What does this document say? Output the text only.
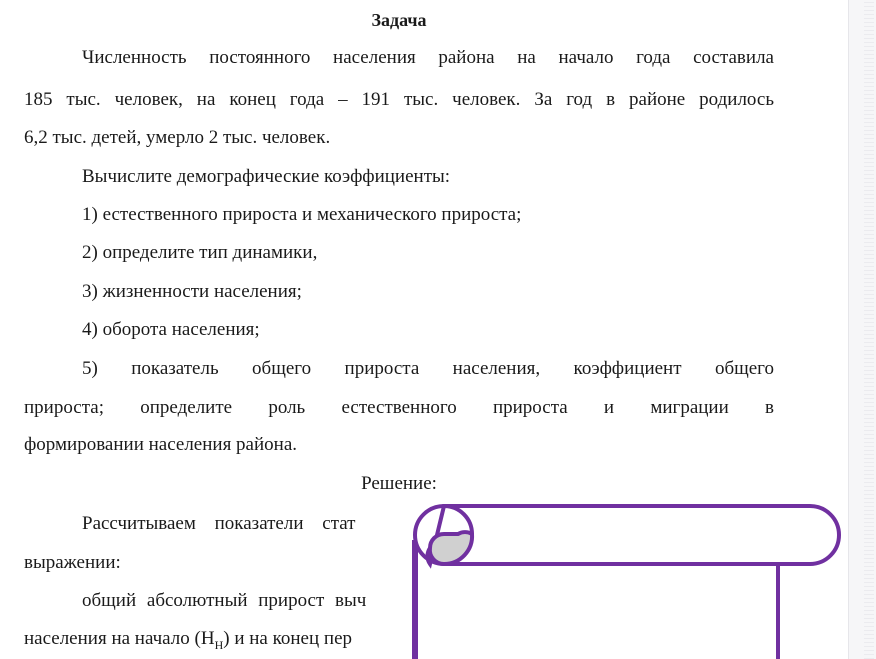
Задача
Численность постоянного населения района на начало года составила
185 тыс. человек, на конец года – 191 тыс. человек. За год в районе родилось
6,2 тыс. детей, умерло 2 тыс. человек.
Вычислите демографические коэффициенты:
1) естественного прироста и механического прироста;
2) определите тип динамики,
3) жизненности населения;
4) оборота населения;
5) показатель общего прироста населения, коэффициент общего
прироста; определите роль естественного прироста и миграции в
формировании населения района.
Решение:
Рассчитываем показатели стат
выражении:
общий абсолютный прирост выч
населения на начало $(Н_Н)$ и на конец пер
